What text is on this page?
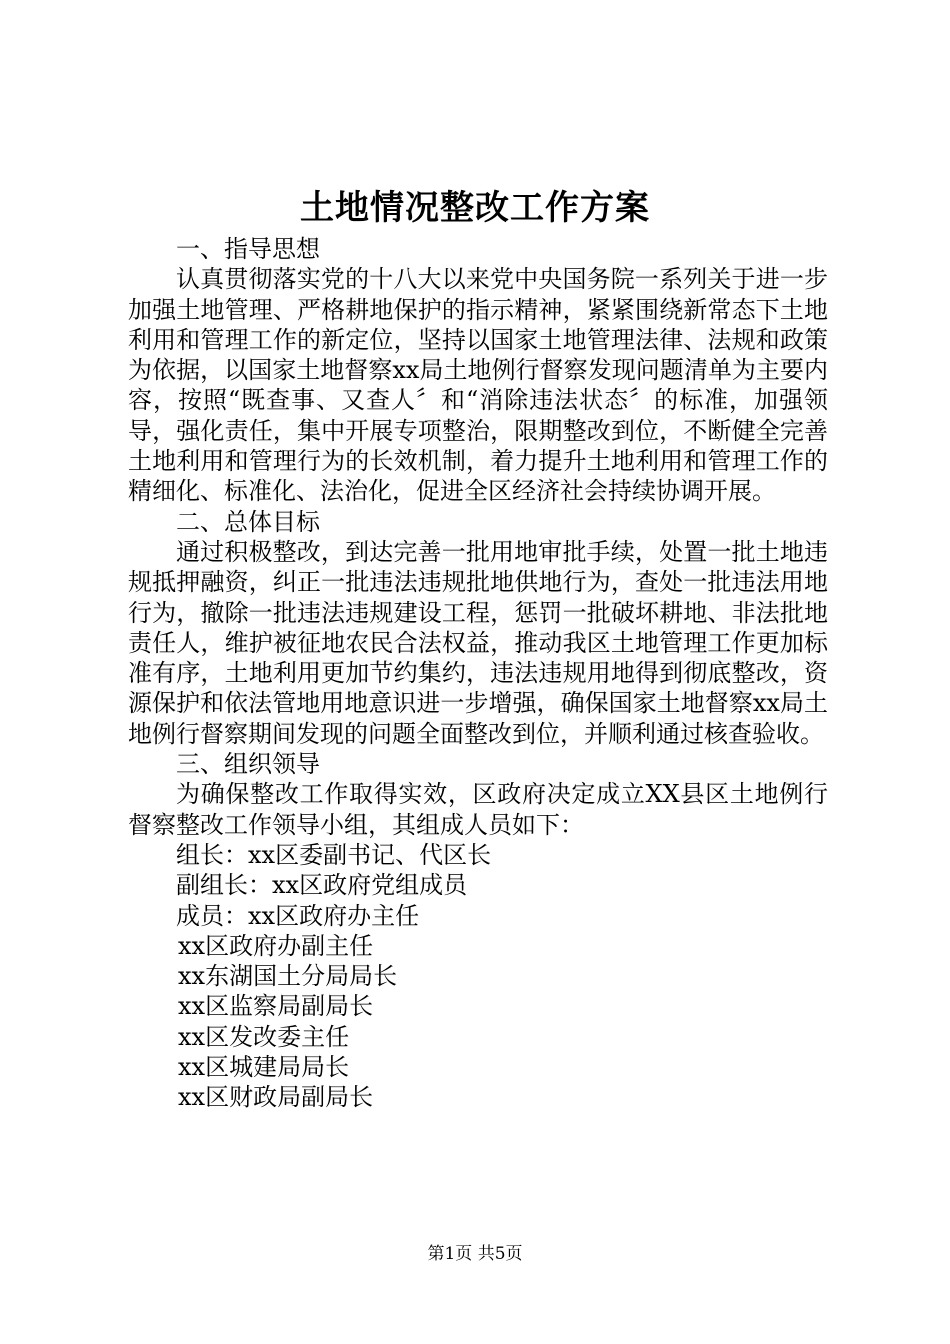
土地情况整改工作方案

一、指导思想

认真贯彻落实党的十八大以来党中央国务院一系列关于进一步加强土地管理、严格耕地保护的指示精神，紧紧围绕新常态下土地利用和管理工作的新定位，坚持以国家土地管理法律、法规和政策为依据，以国家土地督察xx局土地例行督察发现问题清单为主要内容，按照“既查事、又查人〞和“消除违法状态〞的标准，加强领导，强化责任，集中开展专项整治，限期整改到位，不断健全完善土地利用和管理行为的长效机制，着力提升土地利用和管理工作的精细化、标准化、法治化，促进全区经济社会持续协调开展。

二、总体目标

通过积极整改，到达完善一批用地审批手续，处置一批土地违规抵押融资，纠正一批违法违规批地供地行为，查处一批违法用地行为，撤除一批违法违规建设工程，惩罚一批破坏耕地、非法批地责任人，维护被征地农民合法权益，推动我区土地管理工作更加标准有序，土地利用更加节约集约，违法违规用地得到彻底整改，资源保护和依法管地用地意识进一步增强，确保国家土地督察xx局土地例行督察期间发现的问题全面整改到位，并顺利通过核查验收。

三、组织领导

为确保整改工作取得实效，区政府决定成立XX县区土地例行督察整改工作领导小组，其组成人员如下：

组长：xx区委副书记、代区长

副组长：xx区政府党组成员

成员：xx区政府办主任

xx区政府办副主任

xx东湖国土分局局长

xx区监察局副局长

xx区发改委主任

xx区城建局局长

xx区财政局副局长

第1页 共5页
